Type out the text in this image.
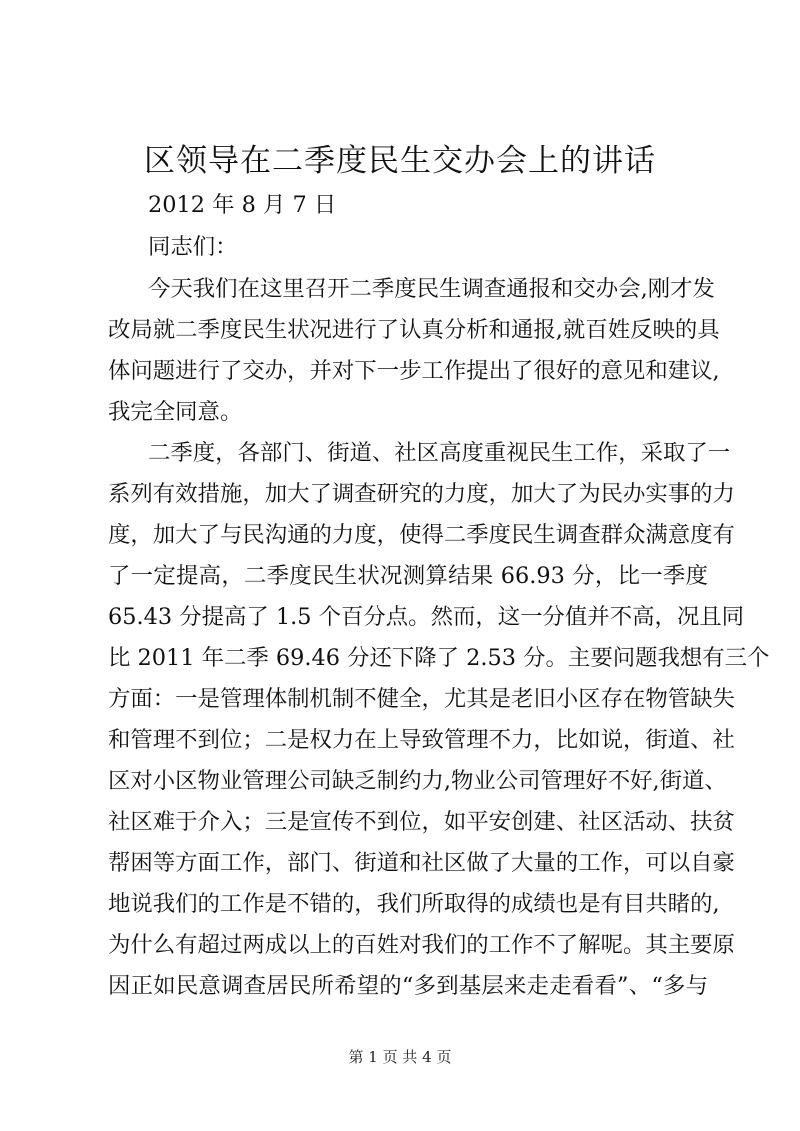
区领导在二季度民生交办会上的讲话

2012 年 8 月 7 日

同志们：

今天我们在这里召开二季度民生调查通报和交办会,刚才发

改局就二季度民生状况进行了认真分析和通报,就百姓反映的具

体问题进行了交办，并对下一步工作提出了很好的意见和建议,

我完全同意。

二季度，各部门、街道、社区高度重视民生工作，采取了一

系列有效措施，加大了调查研究的力度，加大了为民办实事的力

度，加大了与民沟通的力度，使得二季度民生调查群众满意度有

了一定提高，二季度民生状况测算结果 66.93 分，比一季度

65.43 分提高了 1.5 个百分点。然而，这一分值并不高，况且同

比 2011 年二季 69.46 分还下降了 2.53 分。主要问题我想有三个

方面：一是管理体制机制不健全，尤其是老旧小区存在物管缺失

和管理不到位；二是权力在上导致管理不力，比如说，街道、社

区对小区物业管理公司缺乏制约力,物业公司管理好不好,街道、

社区难于介入；三是宣传不到位，如平安创建、社区活动、扶贫

帮困等方面工作，部门、街道和社区做了大量的工作，可以自豪

地说我们的工作是不错的，我们所取得的成绩也是有目共睹的,

为什么有超过两成以上的百姓对我们的工作不了解呢。其主要原

因正如民意调查居民所希望的“多到基层来走走看看”、“多与

第 1 页 共 4 页
